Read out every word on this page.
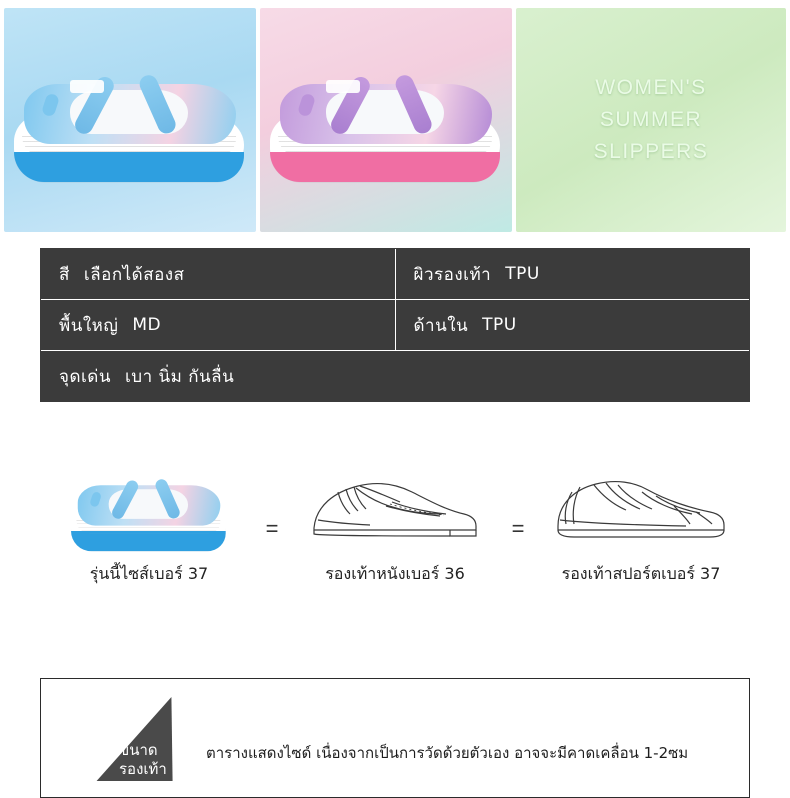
WOMEN'S
SUMMER
SLIPPERS
สี เลือกได้สองส	ผิวรองเท้า TPU
พื้นใหญ่ MD	ด้านใน TPU
จุดเด่น เบา นิ่ม กันลื่น
รุ่นนี้ไซส์เบอร์ 37
=
รองเท้าหนังเบอร์ 36
=
รองเท้าสปอร์ตเบอร์ 37
ขนาด
รองเท้า
ตารางแสดงไซด์ เนื่องจากเป็นการวัดด้วยตัวเอง อาจจะมีคาดเคลื่อน 1-2ซม
